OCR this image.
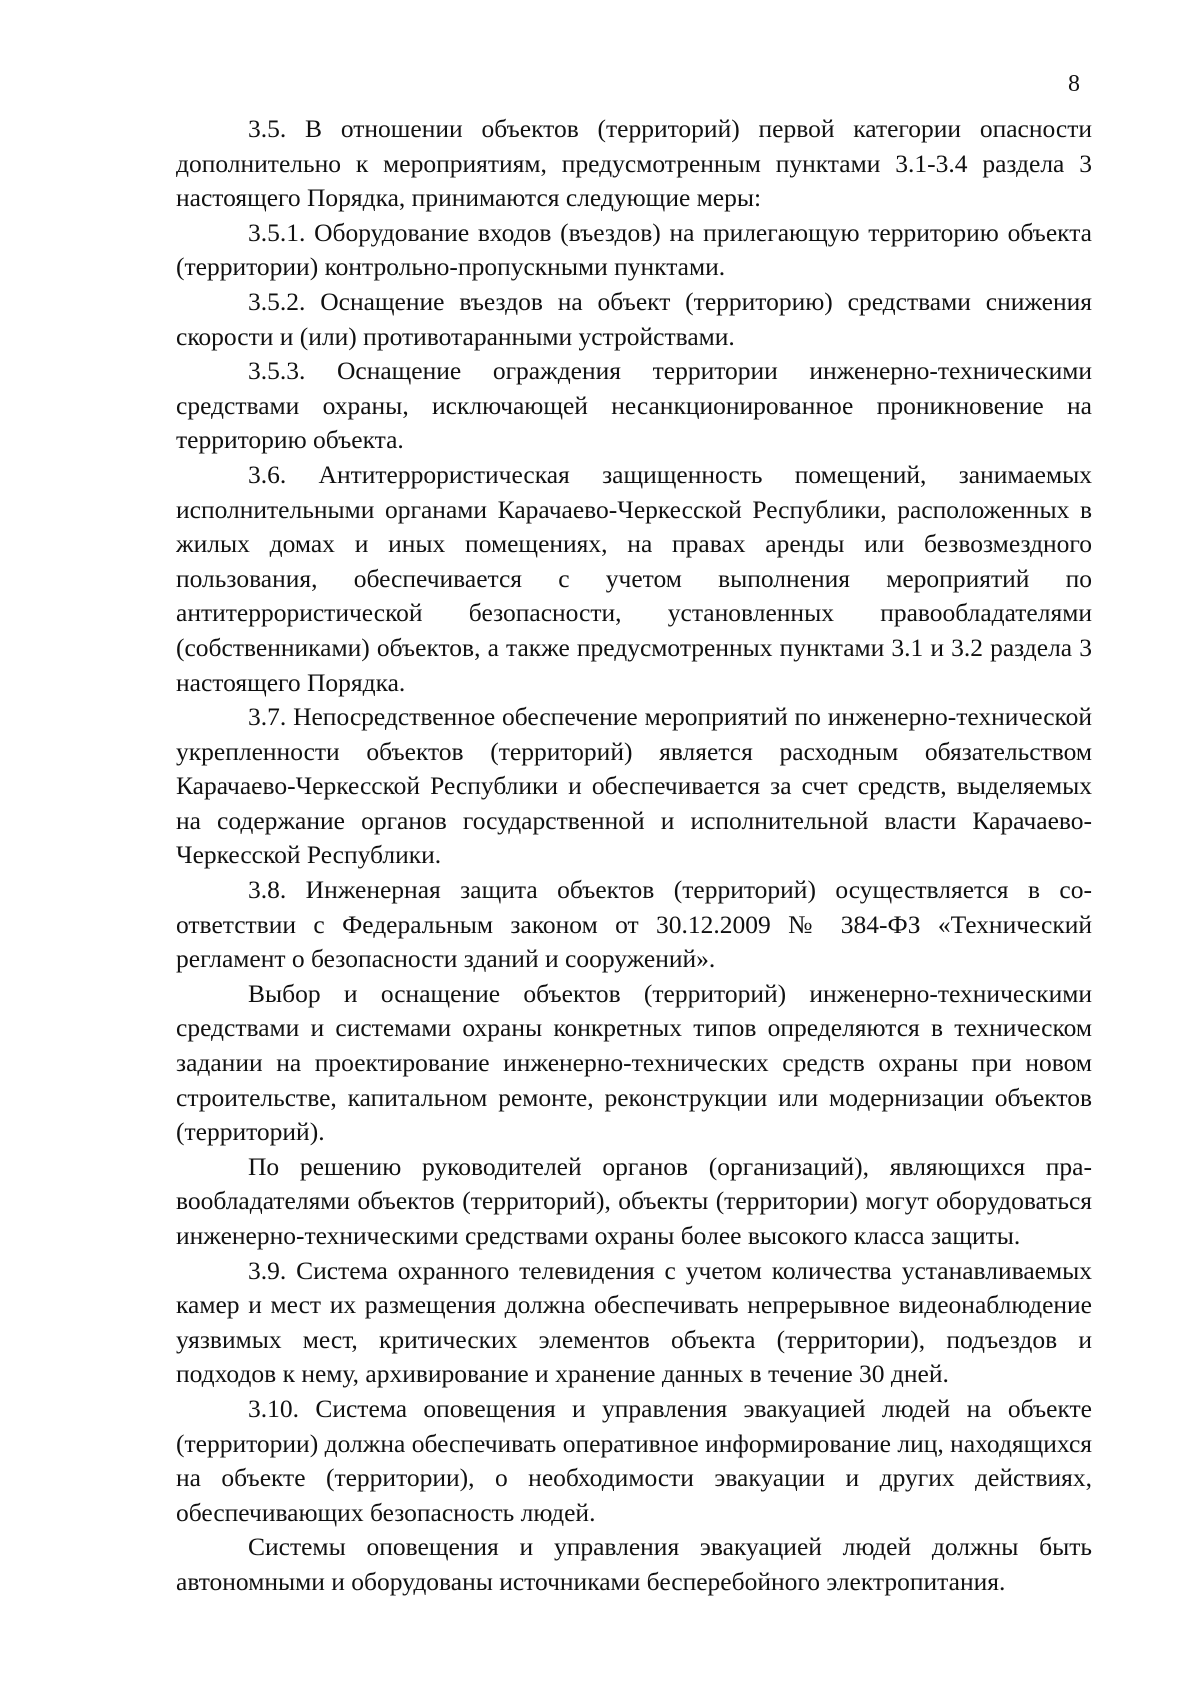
8

3.5. В отношении объектов (территорий) первой категории опасности дополнительно к мероприятиям, предусмотренным пунктами 3.1-3.4 раздела 3 настоящего Порядка, принимаются следующие меры:

3.5.1. Оборудование входов (въездов) на прилегающую территорию объекта (территории) контрольно-пропускными пунктами.

3.5.2. Оснащение въездов на объект (территорию) средствами снижения скорости и (или) противотаранными устройствами.

3.5.3. Оснащение ограждения территории инженерно-техническими средствами охраны, исключающей несанкционированное проникновение на территорию объекта.

3.6. Антитеррористическая защищенность помещений, занимаемых исполнительными органами Карачаево-Черкесской Республики, расположенных в жилых домах и иных помещениях, на правах аренды или безвозмездного пользования, обеспечивается с учетом выполнения мероприятий по антитеррористической безопасности, установленных правообладателями (собственниками) объектов, а также предусмотренных пунктами 3.1 и 3.2 раздела 3 настоящего Порядка.

3.7. Непосредственное обеспечение мероприятий по инженерно-технической укрепленности объектов (территорий) является расходным обязательством Карачаево-Черкесской Республики и обеспечивается за счет средств, выделяемых на содержание органов государственной и исполнительной власти Карачаево-Черкесской Республики.

3.8. Инженерная защита объектов (территорий) осуществляется в соответствии с Федеральным законом от 30.12.2009 № 384-ФЗ «Технический регламент о безопасности зданий и сооружений».

Выбор и оснащение объектов (территорий) инженерно-техническими средствами и системами охраны конкретных типов определяются в техническом задании на проектирование инженерно-технических средств охраны при новом строительстве, капитальном ремонте, реконструкции или модернизации объектов (территорий).

По решению руководителей органов (организаций), являющихся правообладателями объектов (территорий), объекты (территории) могут оборудоваться инженерно-техническими средствами охраны более высокого класса защиты.

3.9. Система охранного телевидения с учетом количества устанавливаемых камер и мест их размещения должна обеспечивать непрерывное видеонаблюдение уязвимых мест, критических элементов объекта (территории), подъездов и подходов к нему, архивирование и хранение данных в течение 30 дней.

3.10. Система оповещения и управления эвакуацией людей на объекте (территории) должна обеспечивать оперативное информирование лиц, находящихся на объекте (территории), о необходимости эвакуации и других действиях, обеспечивающих безопасность людей.

Системы оповещения и управления эвакуацией людей должны быть автономными и оборудованы источниками бесперебойного электропитания.
